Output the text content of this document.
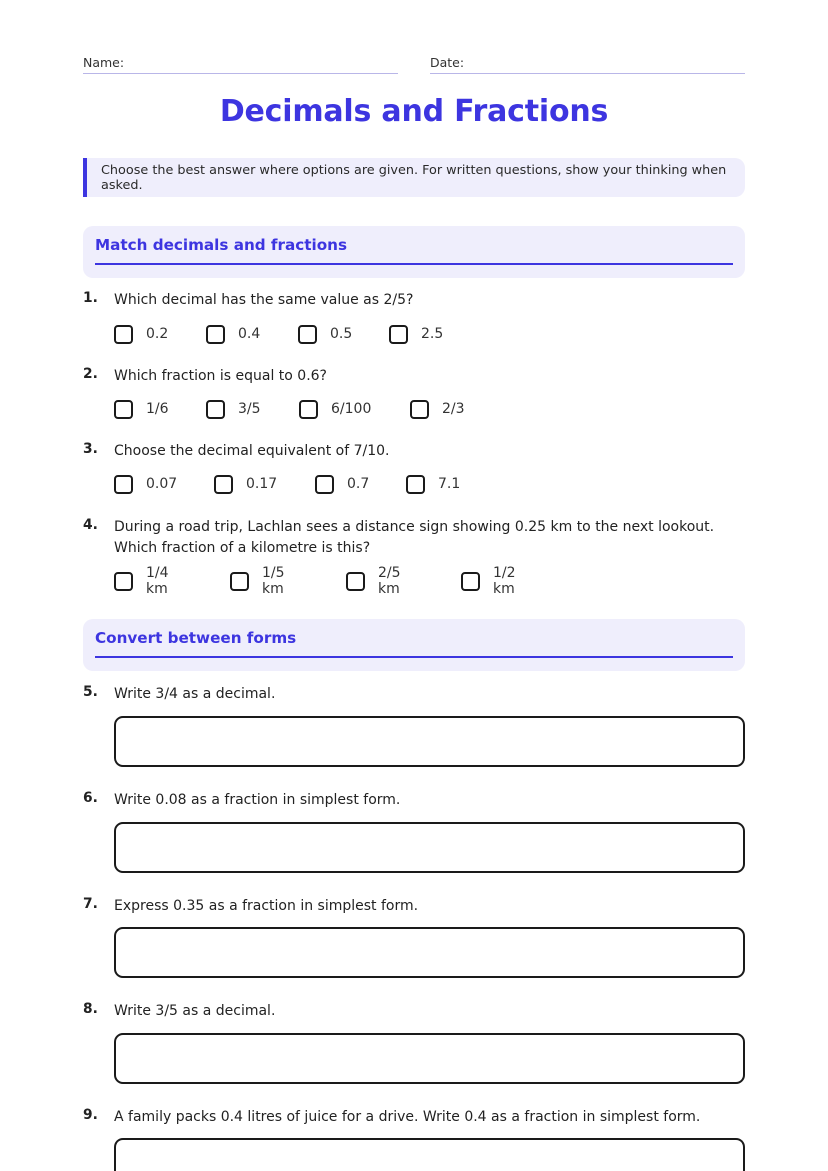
Name:	Date:
Decimals and Fractions
Choose the best answer where options are given. For written questions, show your thinking when asked.
Match decimals and fractions
1. Which decimal has the same value as 2/5?
0.2	0.4	0.5	2.5
2. Which fraction is equal to 0.6?
1/6	3/5	6/100	2/3
3. Choose the decimal equivalent of 7/10.
0.07	0.17	0.7	7.1
4. During a road trip, Lachlan sees a distance sign showing 0.25 km to the next lookout. Which fraction of a kilometre is this?
1/4 km
1/5 km
2/5 km
1/2 km
Convert between forms
5. Write 3/4 as a decimal.
6. Write 0.08 as a fraction in simplest form.
7. Express 0.35 as a fraction in simplest form.
8. Write 3/5 as a decimal.
9. A family packs 0.4 litres of juice for a drive. Write 0.4 as a fraction in simplest form.
